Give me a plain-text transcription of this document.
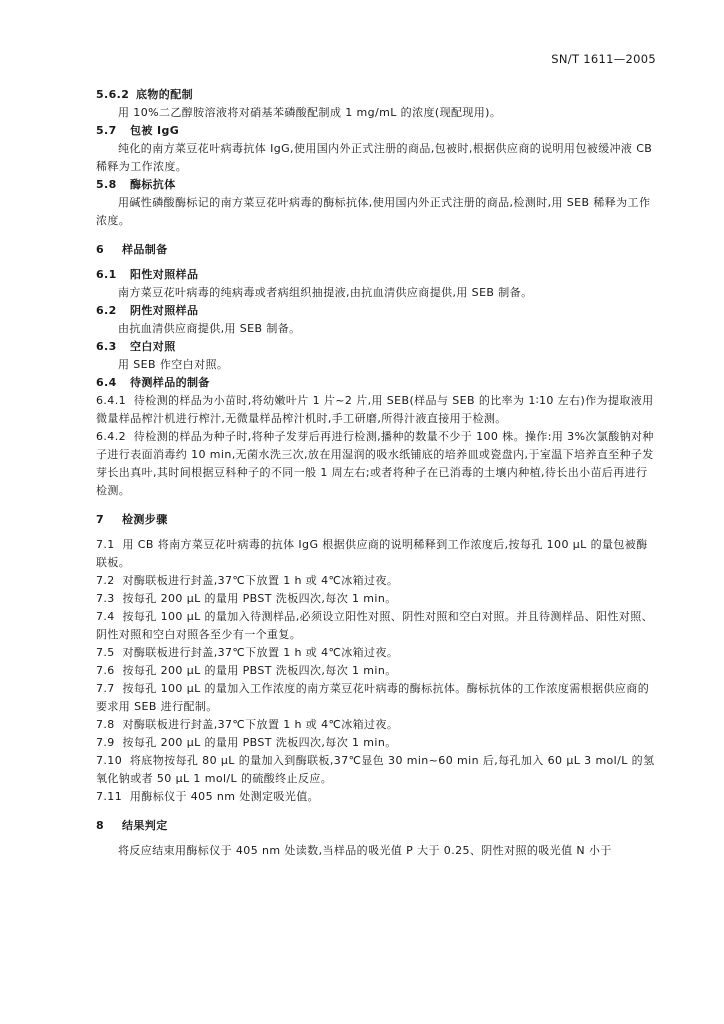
SN/T 1611—2005
5.6.2 底物的配制

用 10%二乙醇胺溶液将对硝基苯磷酸配制成 1 mg/mL 的浓度(现配现用)。

5.7 包被 IgG

纯化的南方菜豆花叶病毒抗体 IgG,使用国内外正式注册的商品,包被时,根据供应商的说明用包被缓冲液 CB 稀释为工作浓度。

5.8 酶标抗体

用碱性磷酸酶标记的南方菜豆花叶病毒的酶标抗体,使用国内外正式注册的商品,检测时,用 SEB 稀释为工作浓度。

6 样品制备
6.1 阳性对照样品

南方菜豆花叶病毒的纯病毒或者病组织抽提液,由抗血清供应商提供,用 SEB 制备。

6.2 阴性对照样品

由抗血清供应商提供,用 SEB 制备。

6.3 空白对照

用 SEB 作空白对照。

6.4 待测样品的制备

6.4.1 待检测的样品为小苗时,将幼嫩叶片 1 片~2 片,用 SEB(样品与 SEB 的比率为 1∶10 左右)作为提取液用微量样品榨汁机进行榨汁,无微量样品榨汁机时,手工研磨,所得汁液直接用于检测。

6.4.2 待检测的样品为种子时,将种子发芽后再进行检测,播种的数量不少于 100 株。操作:用 3%次氯酸钠对种子进行表面消毒约 10 min,无菌水洗三次,放在用湿润的吸水纸铺底的培养皿或瓷盘内,于室温下培养直至种子发芽长出真叶,其时间根据豆科种子的不同一般 1 周左右;或者将种子在已消毒的土壤内种植,待长出小苗后再进行检测。

7 检测步骤

7.1 用 CB 将南方菜豆花叶病毒的抗体 IgG 根据供应商的说明稀释到工作浓度后,按每孔 100 μL 的量包被酶联板。

7.2 对酶联板进行封盖,37℃下放置 1 h 或 4℃冰箱过夜。

7.3 按每孔 200 μL 的量用 PBST 洗板四次,每次 1 min。

7.4 按每孔 100 μL 的量加入待测样品,必须设立阳性对照、阴性对照和空白对照。并且待测样品、阳性对照、阴性对照和空白对照各至少有一个重复。

7.5 对酶联板进行封盖,37℃下放置 1 h 或 4℃冰箱过夜。

7.6 按每孔 200 μL 的量用 PBST 洗板四次,每次 1 min。

7.7 按每孔 100 μL 的量加入工作浓度的南方菜豆花叶病毒的酶标抗体。酶标抗体的工作浓度需根据供应商的要求用 SEB 进行配制。

7.8 对酶联板进行封盖,37℃下放置 1 h 或 4℃冰箱过夜。

7.9 按每孔 200 μL 的量用 PBST 洗板四次,每次 1 min。

7.10 将底物按每孔 80 μL 的量加入到酶联板,37℃显色 30 min~60 min 后,每孔加入 60 μL 3 mol/L 的氢氧化钠或者 50 μL 1 mol/L 的硫酸终止反应。

7.11 用酶标仪于 405 nm 处测定吸光值。

8 结果判定

将反应结束用酶标仪于 405 nm 处读数,当样品的吸光值 P 大于 0.25、阴性对照的吸光值 N 小于
